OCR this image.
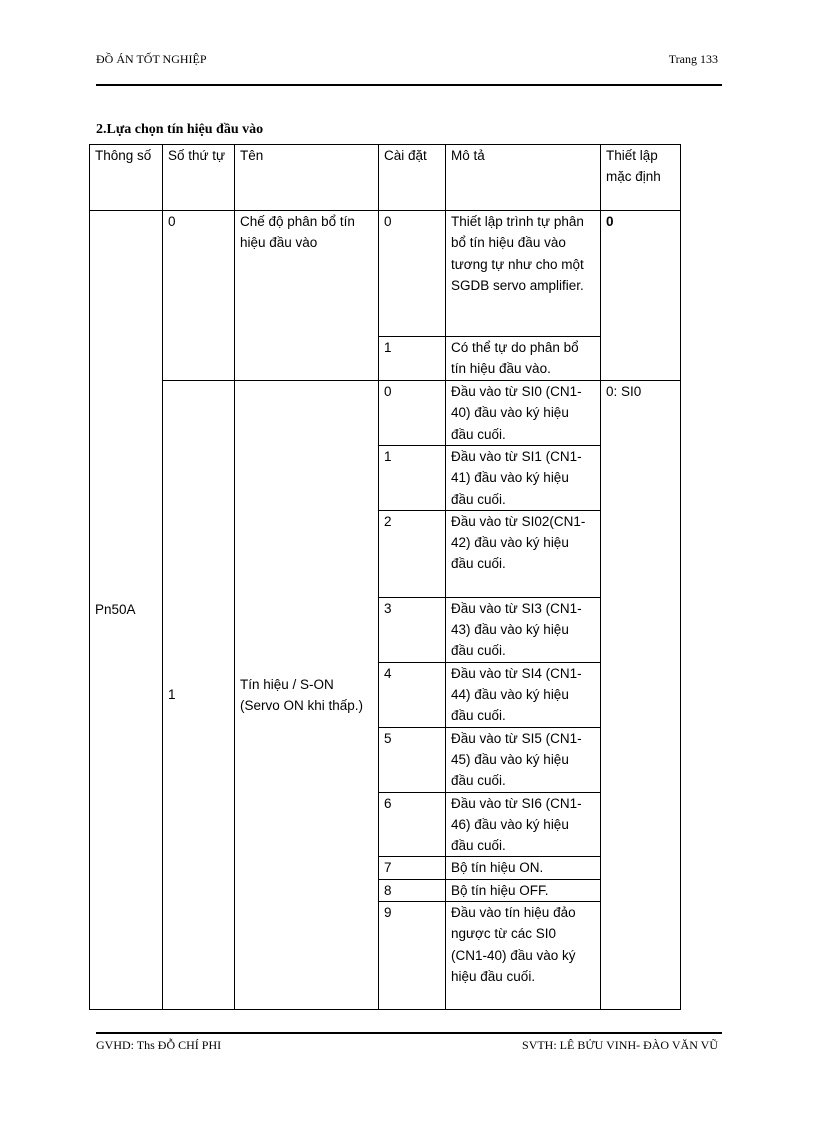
ĐỒ ÁN TỐT NGHIỆP	Trang 133
2.Lựa chọn tín hiệu đầu vào
Thông số	Số thứ tự	Tên	Cài đặt	Mô tả	Thiết lập mặc định
Pn50A	0	Chế độ phân bổ tín hiệu đầu vào	0	Thiết lập trình tự phân bổ tín hiệu đầu vào tương tự như cho một SGDB servo amplifier.	0
			1	Có thể tự do phân bổ tín hiệu đầu vào.	
	1	Tín hiệu / S-ON (Servo ON khi thấp.)	0	Đầu vào từ SI0 (CN1-40) đầu vào ký hiệu đầu cuối.	0: SI0
			1	Đầu vào từ SI1 (CN1-41) đầu vào ký hiệu đầu cuối.	
			2	Đầu vào từ SI02(CN1-42) đầu vào ký hiệu đầu cuối.	
			3	Đầu vào từ SI3 (CN1-43) đầu vào ký hiệu đầu cuối.	
			4	Đầu vào từ SI4 (CN1-44) đầu vào ký hiệu đầu cuối.	
			5	Đầu vào từ SI5 (CN1-45) đầu vào ký hiệu đầu cuối.	
			6	Đầu vào từ SI6 (CN1-46) đầu vào ký hiệu đầu cuối.	
			7	Bộ tín hiệu ON.	
			8	Bộ tín hiệu OFF.	
			9	Đầu vào tín hiệu đảo ngược từ các SI0 (CN1-40) đầu vào ký hiệu đầu cuối.	
GVHD: Ths ĐỖ CHÍ PHI	SVTH: LÊ BỬU VINH- ĐÀO VĂN VŨ
